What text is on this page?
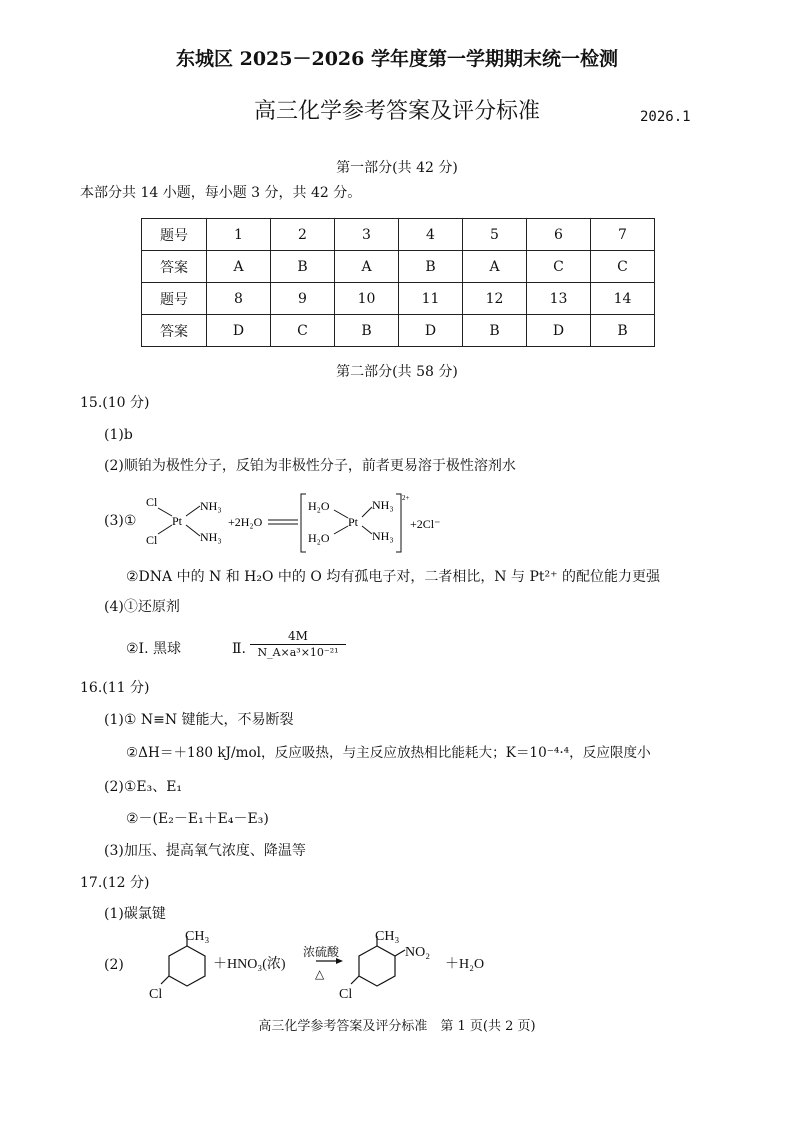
东城区 2025－2026 学年度第一学期期末统一检测
高三化学参考答案及评分标准	2026.1
第一部分(共 42 分)
本部分共 14 小题，每小题 3 分，共 42 分。
题号	1	2	3	4	5	6	7
答案	A	B	A	B	A	C	C
题号	8	9	10	11	12	13	14
答案	D	C	B	D	B	D	B
第二部分(共 58 分)
15.(10 分)
(1)b
(2)顺铂为极性分子，反铂为非极性分子，前者更易溶于极性溶剂水
(3)①
Cl
Cl
Pt
NH₃
NH₃
+2H₂O
H₂O
H₂O
Pt
NH₃
NH₃
2+
+2Cl⁻
②DNA 中的 N 和 H₂O 中的 O 均有孤电子对，二者相比，N 与 Pt²⁺ 的配位能力更强
(4)①还原剂
②Ⅰ. 黑球	Ⅱ. $\frac{4M}{\text{N\_A×a³×10⁻²¹}}$
16.(11 分)
(1)① N≡N 键能大，不易断裂
②ΔH＝＋180 kJ/mol，反应吸热，与主反应放热相比能耗大；K＝10⁻⁴·⁴，反应限度小
(2)①E₃、E₁
②－(E₂－E₁＋E₄－E₃)
(3)加压、提高氧气浓度、降温等
17.(12 分)
(1)碳氯键
(2)
CH₃
Cl
＋HNO₃(浓)
浓硫酸
△
CH₃
NO₂
Cl
＋H₂O
高三化学参考答案及评分标准　第 1 页(共 2 页)
